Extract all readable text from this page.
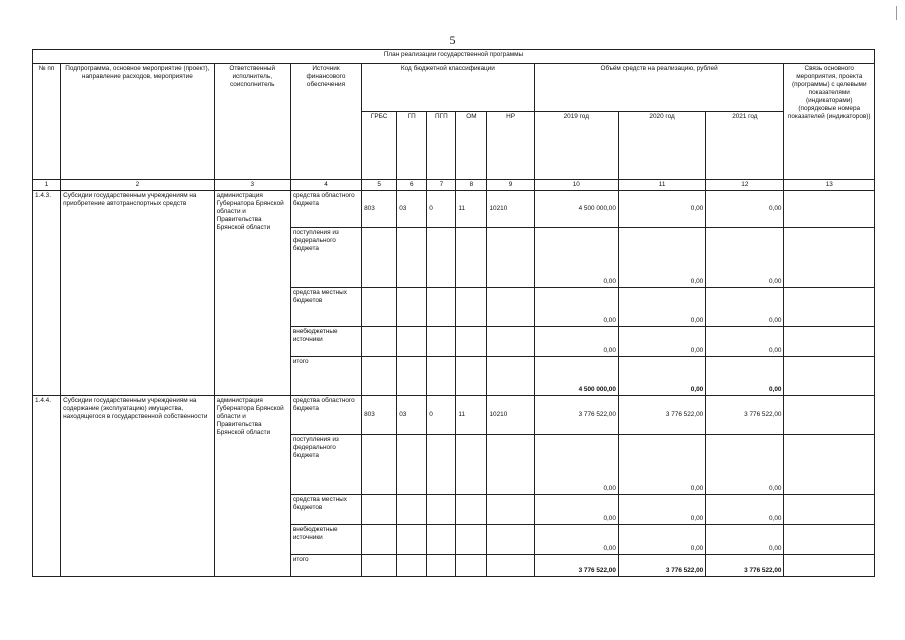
5
План реализации государственной программы												
№ пп	Подпрограмма, основное мероприятие (проект), направление расходов, мероприятие	Ответственный исполнитель, соисполнитель	Источник финансового обеспечения	Код бюджетной классификации					Объём средств на реализацию, рублей			Связь основного мероприятия, проекта (программы) с целевыми показателями (индикаторами) (порядковые номера показателей (индикаторов))
				ГРБС	ГП	ПГП	ОМ	НР	2019 год	2020 год	2021 год	
1	2	3	4	5	6	7	8	9	10	11	12	13
1.4.3.	Субсидии государственным учреждениям на приобретение автотранспортных средств	администрация Губернатора Брянской области и Правительства Брянской области	средства областного бюджета	803	03	0	11	10210	4 500 000,00	0,00	0,00	
			поступления из федерального бюджета						0,00	0,00	0,00	
			средства местных бюджетов						0,00	0,00	0,00	
			внебюджетные источники						0,00	0,00	0,00	
			итого						4 500 000,00	0,00	0,00	
1.4.4.	Субсидии государственным учреждениям на содержание (эксплуатацию) имущества, находящегося в государственной собственности	администрация Губернатора Брянской области и Правительства Брянской области	средства областного бюджета	803	03	0	11	10210	3 776 522,00	3 776 522,00	3 776 522,00	
			поступления из федерального бюджета						0,00	0,00	0,00	
			средства местных бюджетов						0,00	0,00	0,00	
			внебюджетные источники						0,00	0,00	0,00	
			итого						3 776 522,00	3 776 522,00	3 776 522,00	
